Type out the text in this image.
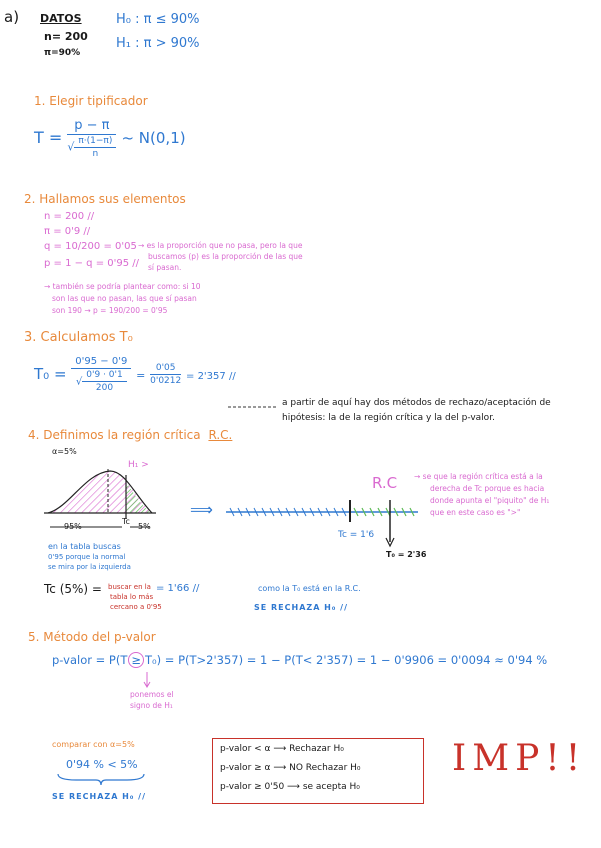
a) DATOS
n= 200
π=90%
H₀ : π ≤ 90%
H₁ : π > 90%
1. Elegir tipificador
$T = \frac{p - \pi}{√ \frac{\pi\cdot(1-\pi)}{n}}$ ~ N(0,1)
2. Hallamos sus elementos
n = 200 //
π = 0'9 //
q = 10/200 = 0'05
p = 1 − q = 0'95 //
→ es la proporción que no pasa, pero la que
buscamos (p) es la proporción de las que
sí pasan.
→ también se podría plantear como: si 10
son las que no pasan, las que sí pasan
son 190 → p = 190/200 = 0'95
3. Calculamos T₀
$T_0 = \frac{0'95 - 0'9}{√ \frac{0'9 \cdot 0'1}{200}} = \frac{0'05}{0'0212} = 2'357$ //
a partir de aquí hay dos métodos de rechazo/aceptación de
hipótesis: la de la región crítica y la del p-valor.
4. Definimos la región crítica R.C.
α=5%
H₁ >
95%
Tc
5%
⟹
Tc = 1'6
T₀ = 2'36
R.C → se que la región crítica está a la
derecha de Tc porque es hacia
donde apunta el "piquito" de H₁
que en este caso es ">"
en la tabla buscas
0'95 porque la normal
se mira por la izquierda
Tc (5%) = buscar en la
tabla lo más
cercano a 0'95
= 1'66 //	como la T₀ está en la R.C.
SE RECHAZA H₀ //
5. Método del p-valor
p-valor = P(T ≥ T₀) = P(T>2'357) = 1 − P(T< 2'357) = 1 − 0'9906 = 0'0094 ≈ 0'94 %
ponemos el
signo de H₁
comparar con α=5%
0'94 % < 5%
SE RECHAZA H₀ //
p-valor < α ⟶ Rechazar H₀
p-valor ≥ α ⟶ NO Rechazar H₀
p-valor ≥ 0'50 ⟶ se acepta H₀
IMP!!
